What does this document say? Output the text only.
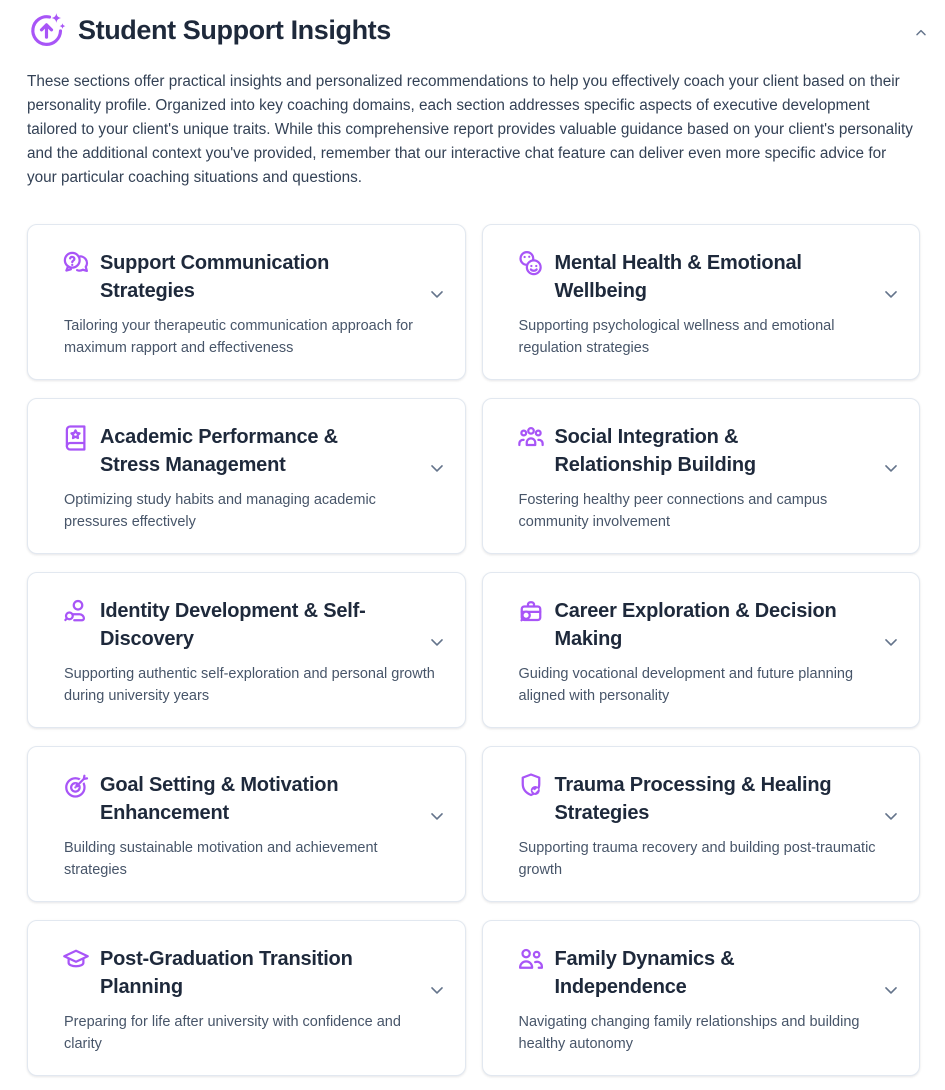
Student Support Insights

These sections offer practical insights and personalized recommendations to help you effectively coach your client based on their personality profile. Organized into key coaching domains, each section addresses specific aspects of executive development tailored to your client's unique traits. While this comprehensive report provides valuable guidance based on your client's personality and the additional context you've provided, remember that our interactive chat feature can deliver even more specific advice for your particular coaching situations and questions.

Support Communication Strategies

Tailoring your therapeutic communication approach for maximum rapport and effectiveness

Mental Health & Emotional Wellbeing

Supporting psychological wellness and emotional regulation strategies

Academic Performance & Stress Management

Optimizing study habits and managing academic pressures effectively

Social Integration & Relationship Building

Fostering healthy peer connections and campus community involvement

Identity Development & Self-Discovery

Supporting authentic self-exploration and personal growth during university years

Career Exploration & Decision Making

Guiding vocational development and future planning aligned with personality

Goal Setting & Motivation Enhancement

Building sustainable motivation and achievement strategies

Trauma Processing & Healing Strategies

Supporting trauma recovery and building post-traumatic growth

Post-Graduation Transition Planning

Preparing for life after university with confidence and clarity

Family Dynamics & Independence

Navigating changing family relationships and building healthy autonomy
